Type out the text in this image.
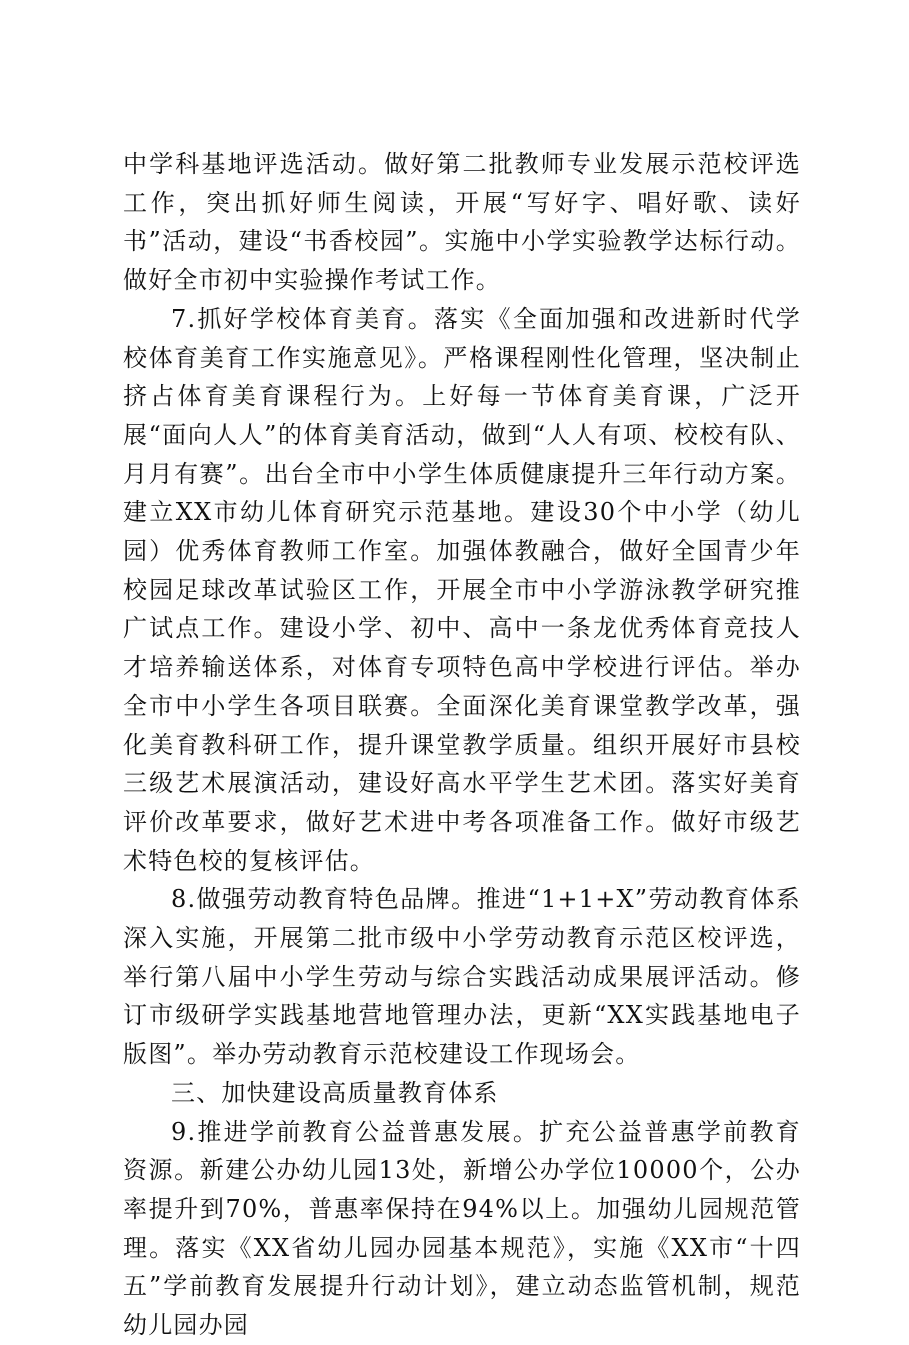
中学科基地评选活动。做好第二批教师专业发展示范校评选工作，突出抓好师生阅读，开展“写好字、唱好歌、读好书”活动，建设“书香校园”。实施中小学实验教学达标行动。做好全市初中实验操作考试工作。

7.抓好学校体育美育。落实《全面加强和改进新时代学校体育美育工作实施意见》。严格课程刚性化管理，坚决制止挤占体育美育课程行为。上好每一节体育美育课，广泛开展“面向人人”的体育美育活动，做到“人人有项、校校有队、月月有赛”。出台全市中小学生体质健康提升三年行动方案。建立XX市幼儿体育研究示范基地。建设30个中小学（幼儿园）优秀体育教师工作室。加强体教融合，做好全国青少年校园足球改革试验区工作，开展全市中小学游泳教学研究推广试点工作。建设小学、初中、高中一条龙优秀体育竞技人才培养输送体系，对体育专项特色高中学校进行评估。举办全市中小学生各项目联赛。全面深化美育课堂教学改革，强化美育教科研工作，提升课堂教学质量。组织开展好市县校三级艺术展演活动，建设好高水平学生艺术团。落实好美育评价改革要求，做好艺术进中考各项准备工作。做好市级艺术特色校的复核评估。

8.做强劳动教育特色品牌。推进“1+1+X”劳动教育体系深入实施，开展第二批市级中小学劳动教育示范区校评选，举行第八届中小学生劳动与综合实践活动成果展评活动。修订市级研学实践基地营地管理办法，更新“XX实践基地电子版图”。举办劳动教育示范校建设工作现场会。

三、加快建设高质量教育体系

9.推进学前教育公益普惠发展。扩充公益普惠学前教育资源。新建公办幼儿园13处，新增公办学位10000个，公办率提升到70%，普惠率保持在94%以上。加强幼儿园规范管理。落实《XX省幼儿园办园基本规范》，实施《XX市“十四五”学前教育发展提升行动计划》，建立动态监管机制，规范幼儿园办园
